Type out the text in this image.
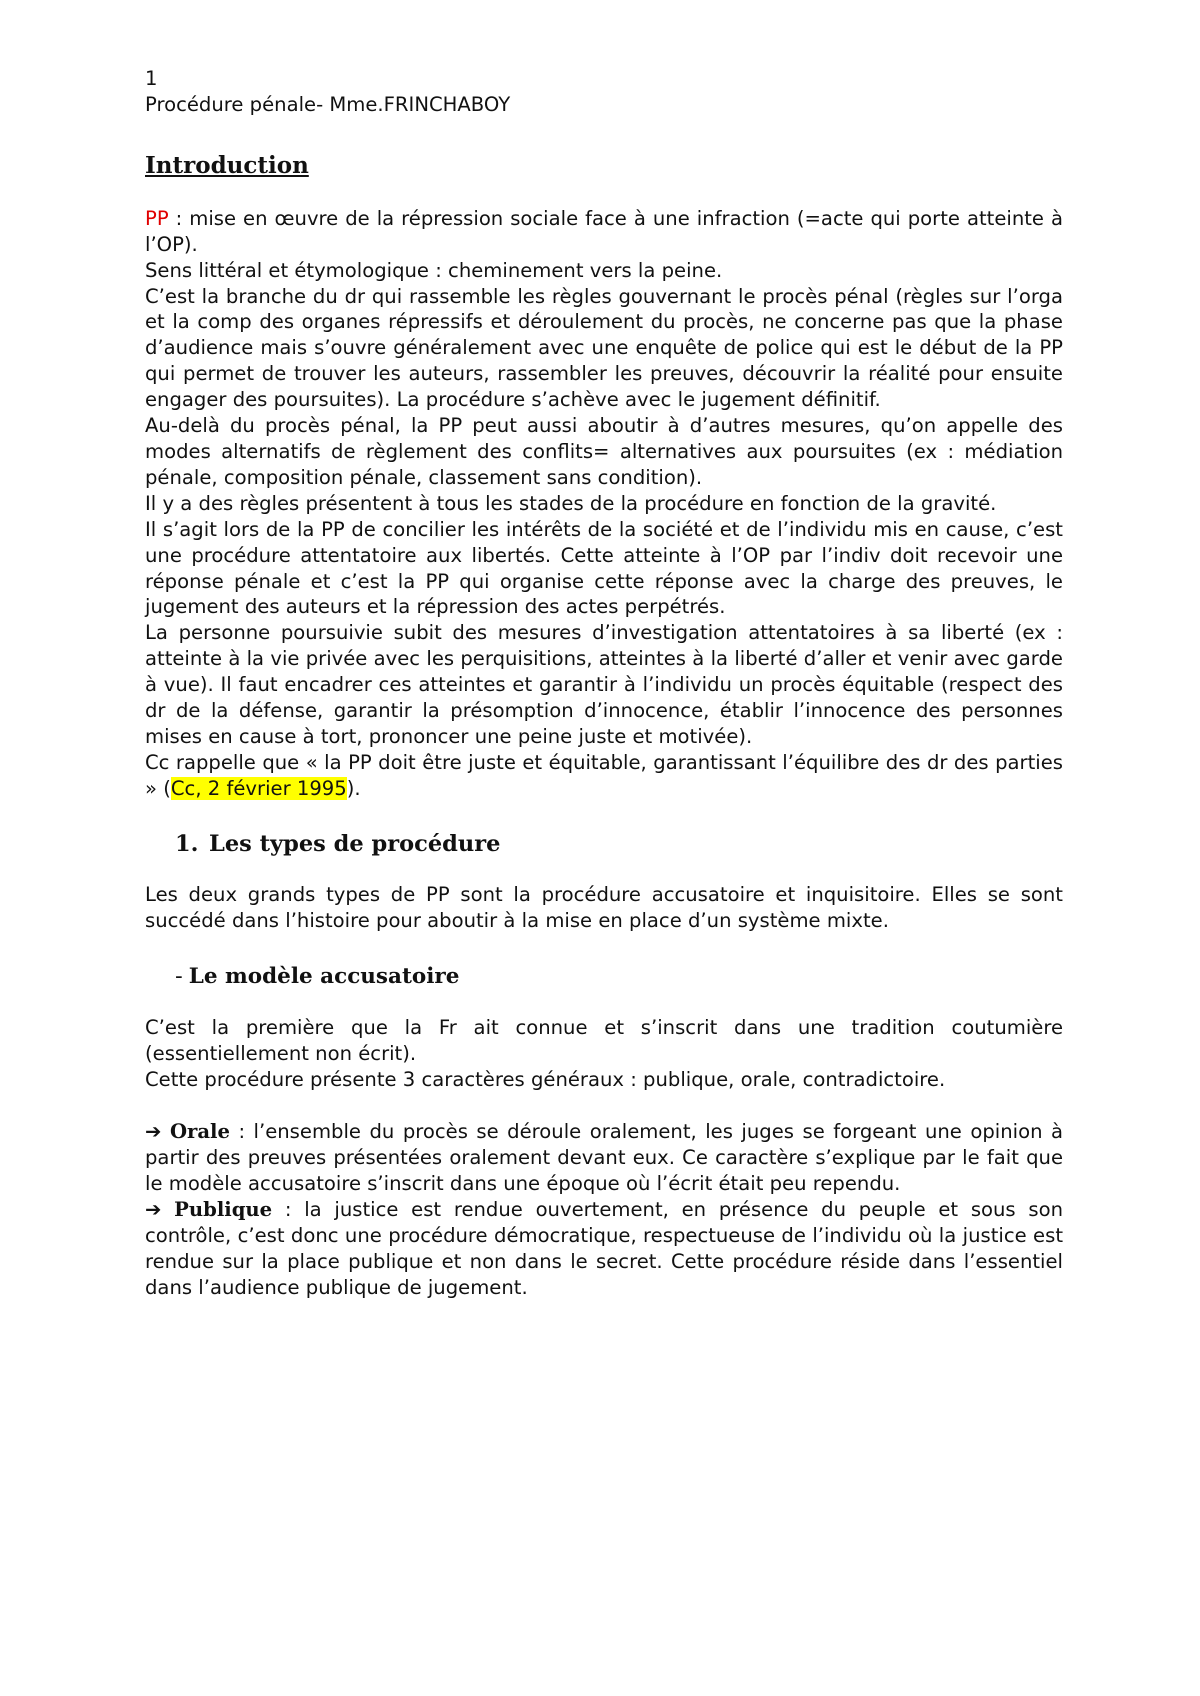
1

Procédure pénale- Mme.FRINCHABOY

Introduction

PP : mise en œuvre de la répression sociale face à une infraction (=acte qui porte atteinte à l’OP).

Sens littéral et étymologique : cheminement vers la peine.

C’est la branche du dr qui rassemble les règles gouvernant le procès pénal (règles sur l’orga et la comp des organes répressifs et déroulement du procès, ne concerne pas que la phase d’audience mais s’ouvre généralement avec une enquête de police qui est le début de la PP qui permet de trouver les auteurs, rassembler les preuves, découvrir la réalité pour ensuite engager des poursuites). La procédure s’achève avec le jugement définitif.

Au-delà du procès pénal, la PP peut aussi aboutir à d’autres mesures, qu’on appelle des modes alternatifs de règlement des conflits= alternatives aux poursuites (ex : médiation pénale, composition pénale, classement sans condition).

Il y a des règles présentent à tous les stades de la procédure en fonction de la gravité.

Il s’agit lors de la PP de concilier les intérêts de la société et de l’individu mis en cause, c’est une procédure attentatoire aux libertés. Cette atteinte à l’OP par l’indiv doit recevoir une réponse pénale et c’est la PP qui organise cette réponse avec la charge des preuves, le jugement des auteurs et la répression des actes perpétrés.

La personne poursuivie subit des mesures d’investigation attentatoires à sa liberté (ex : atteinte à la vie privée avec les perquisitions, atteintes à la liberté d’aller et venir avec garde à vue). Il faut encadrer ces atteintes et garantir à l’individu un procès équitable (respect des dr de la défense, garantir la présomption d’innocence, établir l’innocence des personnes mises en cause à tort, prononcer une peine juste et motivée).

Cc rappelle que « la PP doit être juste et équitable, garantissant l’équilibre des dr des parties » (Cc, 2 février 1995).

1. Les types de procédure

Les deux grands types de PP sont la procédure accusatoire et inquisitoire. Elles se sont succédé dans l’histoire pour aboutir à la mise en place d’un système mixte.

- Le modèle accusatoire

C’est la première que la Fr ait connue et s’inscrit dans une tradition coutumière (essentiellement non écrit).

Cette procédure présente 3 caractères généraux : publique, orale, contradictoire.

➔ Orale : l’ensemble du procès se déroule oralement, les juges se forgeant une opinion à partir des preuves présentées oralement devant eux. Ce caractère s’explique par le fait que le modèle accusatoire s’inscrit dans une époque où l’écrit était peu rependu.

➔ Publique : la justice est rendue ouvertement, en présence du peuple et sous son contrôle, c’est donc une procédure démocratique, respectueuse de l’individu où la justice est rendue sur la place publique et non dans le secret. Cette procédure réside dans l’essentiel dans l’audience publique de jugement.
